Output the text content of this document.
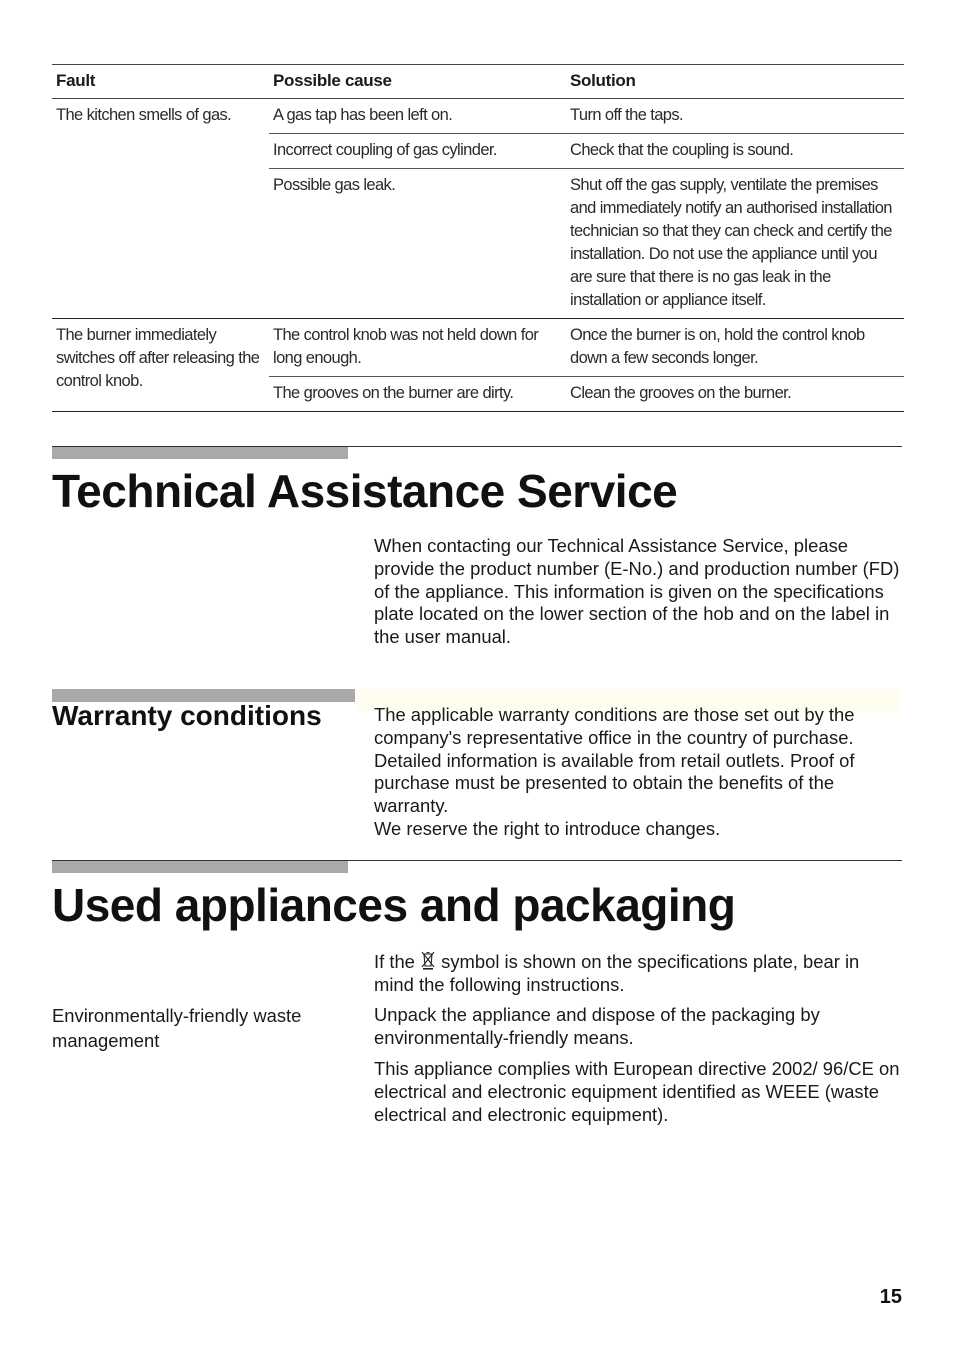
Fault	Possible cause	Solution
The kitchen smells of gas.	A gas tap has been left on.	Turn off the taps.
	Incorrect coupling of gas cylinder.	Check that the coupling is sound.
	Possible gas leak.	Shut off the gas supply, ventilate the premises and immediately notify an authorised installation technician so that they can check and certify the installation. Do not use the appliance until you are sure that there is no gas leak in the installation or appliance itself.
The burner immediately switches off after releasing the control knob.	The control knob was not held down for long enough.	Once the burner is on, hold the control knob down a few seconds longer.
	The grooves on the burner are dirty.	Clean the grooves on the burner.
Technical Assistance Service

When contacting our Technical Assistance Service, please provide the product number (E-No.) and production number (FD) of the appliance. This information is given on the specifications plate located on the lower section of the hob and on the label in the user manual.

Warranty conditions	The applicable warranty conditions are those set out by the company's representative office in the country of purchase. Detailed information is available from retail outlets. Proof of purchase must be presented to obtain the benefits of the warranty.

We reserve the right to introduce changes.

Used appliances and packaging

If the symbol is shown on the specifications plate, bear in mind the following instructions.

Environmentally-friendly waste management

Unpack the appliance and dispose of the packaging by environmentally-friendly means.

This appliance complies with European directive 2002/ 96/CE on electrical and electronic equipment identified as WEEE (waste electrical and electronic equipment).

15
